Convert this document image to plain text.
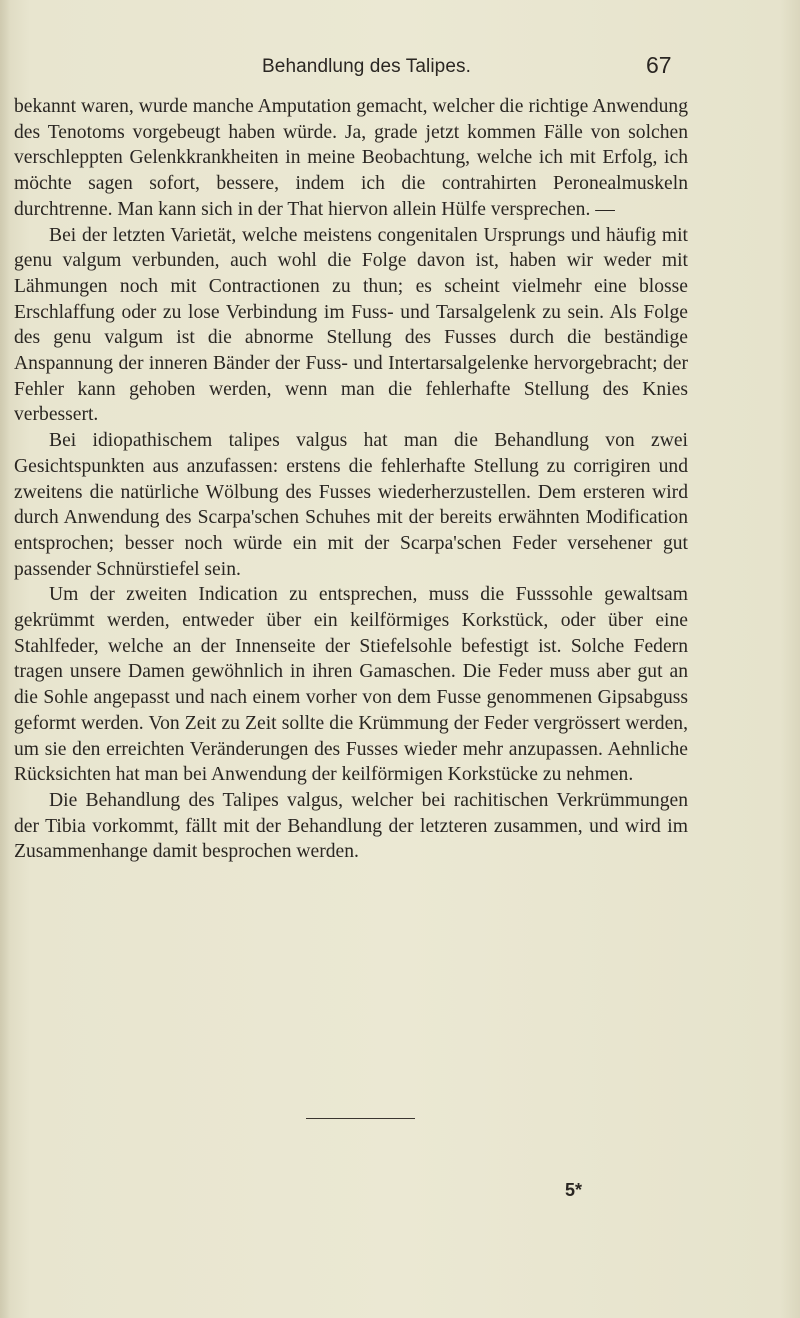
Behandlung des Talipes.	67

bekannt waren, wurde manche Amputation gemacht, welcher die richtige Anwendung des Tenotoms vorgebeugt haben würde. Ja, grade jetzt kommen Fälle von solchen verschleppten Gelenkkrankheiten in meine Beobachtung, welche ich mit Erfolg, ich möchte sagen sofort, bessere, indem ich die contrahirten Peronealmuskeln durchtrenne. Man kann sich in der That hiervon allein Hülfe versprechen. —

Bei der letzten Varietät, welche meistens congenitalen Ursprungs und häufig mit genu valgum verbunden, auch wohl die Folge davon ist, haben wir weder mit Lähmungen noch mit Contractionen zu thun; es scheint vielmehr eine blosse Erschlaffung oder zu lose Verbindung im Fuss- und Tarsalgelenk zu sein. Als Folge des genu valgum ist die abnorme Stellung des Fusses durch die beständige Anspannung der inneren Bänder der Fuss- und Intertarsalgelenke hervorgebracht; der Fehler kann gehoben werden, wenn man die fehlerhafte Stellung des Knies verbessert.

Bei idiopathischem talipes valgus hat man die Behandlung von zwei Gesichtspunkten aus anzufassen: erstens die fehlerhafte Stellung zu corrigiren und zweitens die natürliche Wölbung des Fusses wiederherzustellen. Dem ersteren wird durch Anwendung des Scarpa'schen Schuhes mit der bereits erwähnten Modification entsprochen; besser noch würde ein mit der Scarpa'schen Feder versehener gut passender Schnürstiefel sein.

Um der zweiten Indication zu entsprechen, muss die Fusssohle gewaltsam gekrümmt werden, entweder über ein keilförmiges Korkstück, oder über eine Stahlfeder, welche an der Innenseite der Stiefelsohle befestigt ist. Solche Federn tragen unsere Damen gewöhnlich in ihren Gamaschen. Die Feder muss aber gut an die Sohle angepasst und nach einem vorher von dem Fusse genommenen Gipsabguss geformt werden. Von Zeit zu Zeit sollte die Krümmung der Feder vergrössert werden, um sie den erreichten Veränderungen des Fusses wieder mehr anzupassen. Aehnliche Rücksichten hat man bei Anwendung der keilförmigen Korkstücke zu nehmen.

Die Behandlung des Talipes valgus, welcher bei rachitischen Verkrümmungen der Tibia vorkommt, fällt mit der Behandlung der letzteren zusammen, und wird im Zusammenhange damit besprochen werden.

5*
